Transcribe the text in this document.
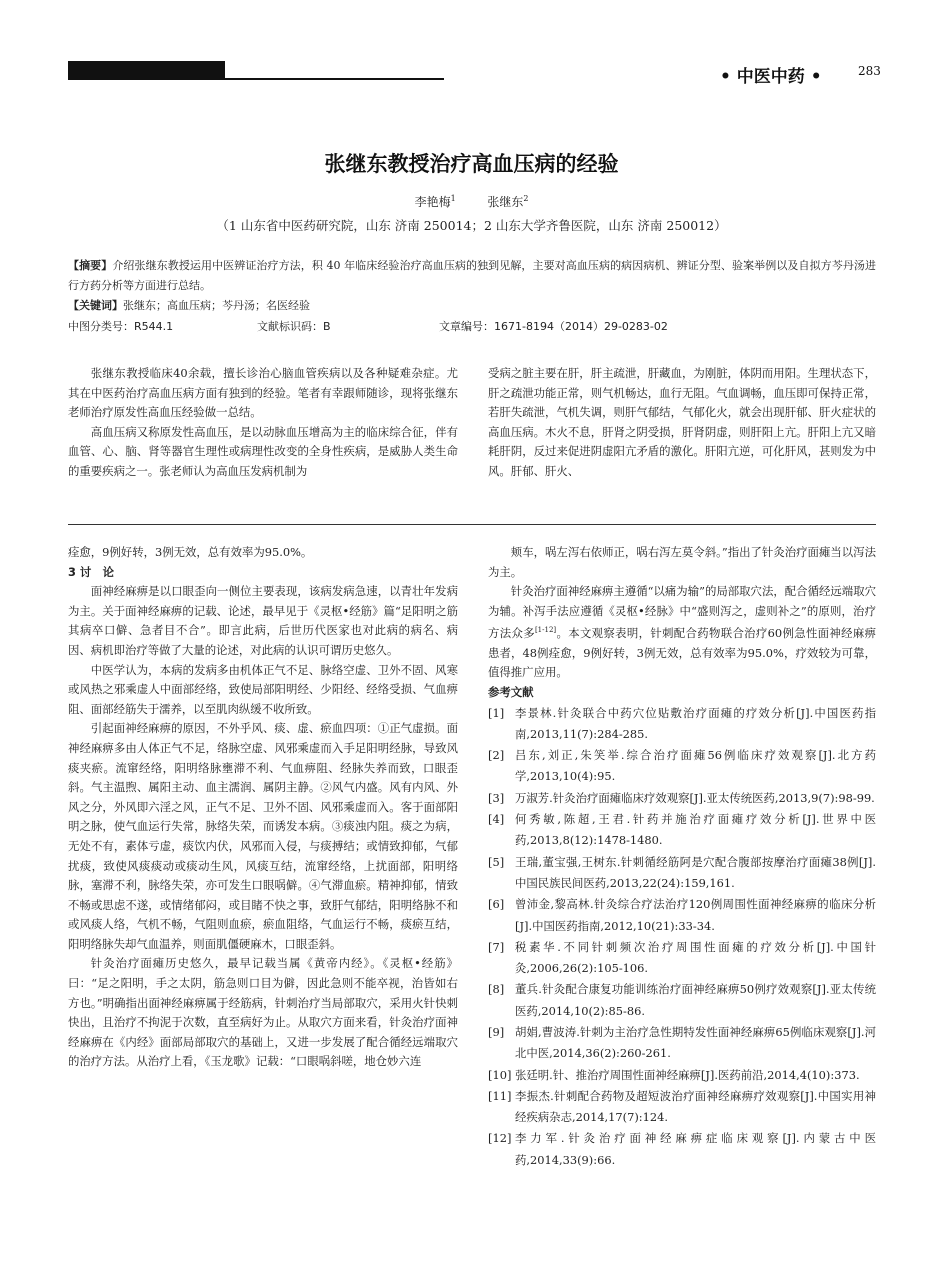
• 中医中药 •	283
张继东教授治疗高血压病的经验
李艳梅$^1$   	张继东$^2$
（1 山东省中医药研究院，山东 济南 250014；2 山东大学齐鲁医院，山东 济南 250012）
【摘要】介绍张继东教授运用中医辨证治疗方法，积 40 年临床经验治疗高血压病的独到见解，主要对高血压病的病因病机、辨证分型、验案举例以及自拟方芩丹汤进行方药分析等方面进行总结。
【关键词】张继东；高血压病；芩丹汤；名医经验
中图分类号：R544.1	文献标识码：B	文章编号：1671-8194（2014）29-0283-02

张继东教授临床40余载，擅长诊治心脑血管疾病以及各种疑难杂症。尤其在中医药治疗高血压病方面有独到的经验。笔者有幸跟师随诊，现将张继东老师治疗原发性高血压经验做一总结。

高血压病又称原发性高血压，是以动脉血压增高为主的临床综合征，伴有血管、心、脑、肾等器官生理性或病理性改变的全身性疾病，是威胁人类生命的重要疾病之一。张老师认为高血压发病机制为

受病之脏主要在肝，肝主疏泄，肝藏血，为刚脏，体阴而用阳。生理状态下，肝之疏泄功能正常，则气机畅达，血行无阻。气血调畅，血压即可保持正常，若肝失疏泄，气机失调，则肝气郁结，气郁化火，就会出现肝郁、肝火症状的高血压病。木火不息，肝肾之阴受损，肝肾阴虚，则肝阳上亢。肝阳上亢又暗耗肝阴，反过来促进阴虚阳亢矛盾的激化。肝阳亢逆，可化肝风，甚则发为中风。肝郁、肝火、

痊愈，9例好转，3例无效，总有效率为95.0%。

3 讨　论

面神经麻痹是以口眼歪向一侧位主要表现，该病发病急速，以青壮年发病为主。关于面神经麻痹的记载、论述，最早见于《灵枢•经筋》篇“足阳明之筋其病卒口僻、急者目不合”。即言此病，后世历代医家也对此病的病名、病因、病机即治疗等做了大量的论述，对此病的认识可谓历史悠久。

中医学认为，本病的发病多由机体正气不足、脉络空虚、卫外不固、风寒或风热之邪乘虚人中面部经络，致使局部阳明经、少阳经、经络受损、气血痹阻、面部经筋失于濡养，以至肌肉纵缓不收所致。

引起面神经麻痹的原因，不外乎风、痰、虚、瘀血四项：①正气虚损。面神经麻痹多由人体正气不足，络脉空虚、风邪乘虚而入手足阳明经脉，导致风痰夹瘀。流窜经络，阳明络脉壅滞不利、气血痹阻、经脉失养而致，口眼歪斜。气主温煦、属阳主动、血主濡润、属阴主静。②风气内盛。风有内风、外风之分，外风即六淫之风，正气不足、卫外不固、风邪乘虚而入。客于面部阳明之脉，使气血运行失常，脉络失荣，而诱发本病。③痰浊内阻。痰之为病，无处不有，素体亏虚，痰饮内伏，风邪而入侵，与痰搏结；或情致抑郁，气郁扰痰，致使风痰痰动或痰动生风，风痰互结，流窜经络，上扰面部，阳明络脉，塞滞不利，脉络失荣，亦可发生口眼㖞僻。④气滞血瘀。精神抑郁，情致不畅或思虑不遂，或情绪郁闷，或目睹不快之事，致肝气郁结，阳明络脉不和或风痰人络，气机不畅，气阻则血瘀，瘀血阻络，气血运行不畅，痰瘀互结，阳明络脉失却气血温养，则面肌僵硬麻木，口眼歪斜。

针灸治疗面瘫历史悠久，最早记载当属《黄帝内经》。《灵枢•经筋》曰：“足之阳明，手之太阴，筋急则口目为僻，因此急则不能卒视，治皆如右方也。”明确指出面神经麻痹属于经筋病，针刺治疗当局部取穴，采用火针快刺快出，且治疗不拘泥于次数，直至病好为止。从取穴方面来看，针灸治疗面神经麻痹在《内经》面部局部取穴的基础上，又进一步发展了配合循经远端取穴的治疗方法。从治疗上看，《玉龙歌》记载：“口眼㖞斜嗟，地仓妙六连

颊车，㖞左泻右依师正，㖞右泻左莫令斜。”指出了针灸治疗面瘫当以泻法为主。

针灸治疗面神经麻痹主遵循“以痛为输”的局部取穴法，配合循经远端取穴为辅。补泻手法应遵循《灵枢•经脉》中“盛则泻之，虚则补之”的原则，治疗方法众多[1-12]。本文观察表明，针刺配合药物联合治疗60例急性面神经麻痹患者，48例痊愈，9例好转，3例无效，总有效率为95.0%，疗效较为可靠，值得推广应用。

参考文献

[1] 李景林.针灸联合中药穴位贴敷治疗面瘫的疗效分析[J].中国医药指南,2013,11(7):284-285.
[2] 吕东,刘正,朱笑举.综合治疗面瘫56例临床疗效观察[J].北方药学,2013,10(4):95.
[3] 万淑芳.针灸治疗面瘫临床疗效观察[J].亚太传统医药,2013,9(7):98-99.
[4] 何秀敏,陈超,王君.针药并施治疗面瘫疗效分析[J].世界中医药,2013,8(12):1478-1480.
[5] 王瑞,董宝强,王树东.针刺循经筋阿是穴配合腹部按摩治疗面瘫38例[J].中国民族民间医药,2013,22(24):159,161.
[6] 曾沛金,黎高林.针灸综合疗法治疗120例周围性面神经麻痹的临床分析[J].中国医药指南,2012,10(21):33-34.
[7] 税素华.不同针刺频次治疗周围性面瘫的疗效分析[J].中国针灸,2006,26(2):105-106.
[8] 董兵.针灸配合康复功能训练治疗面神经麻痹50例疗效观察[J].亚太传统医药,2014,10(2):85-86.
[9] 胡娟,曹波涛.针刺为主治疗急性期特发性面神经麻痹65例临床观察[J].河北中医,2014,36(2):260-261.
[10] 张廷明.针、推治疗周围性面神经麻痹[J].医药前沿,2014,4(10):373.
[11] 李振杰.针刺配合药物及超短波治疗面神经麻痹疗效观察[J].中国实用神经疾病杂志,2014,17(7):124.
[12] 李力军.针灸治疗面神经麻痹症临床观察[J].内蒙古中医药,2014,33(9):66.
